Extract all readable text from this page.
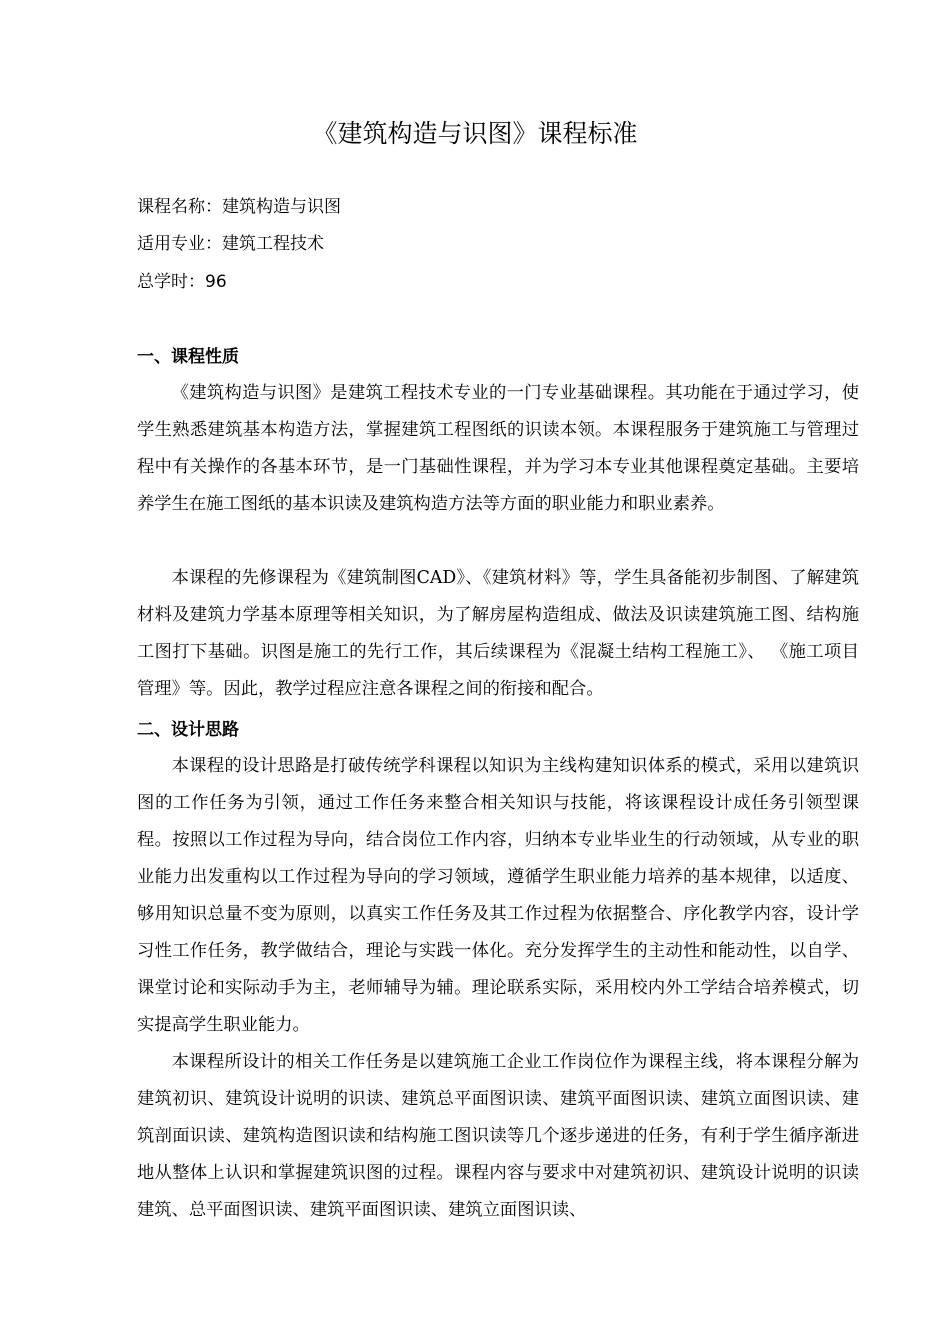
《建筑构造与识图》课程标准
课程名称：建筑构造与识图
适用专业：建筑工程技术
总学时：96
一、课程性质

《建筑构造与识图》是建筑工程技术专业的一门专业基础课程。其功能在于通过学习，使学生熟悉建筑基本构造方法，掌握建筑工程图纸的识读本领。本课程服务于建筑施工与管理过程中有关操作的各基本环节，是一门基础性课程，并为学习本专业其他课程奠定基础。主要培养学生在施工图纸的基本识读及建筑构造方法等方面的职业能力和职业素养。

本课程的先修课程为《建筑制图CAD》、《建筑材料》等，学生具备能初步制图、了解建筑材料及建筑力学基本原理等相关知识，为了解房屋构造组成、做法及识读建筑施工图、结构施工图打下基础。识图是施工的先行工作，其后续课程为《混凝土结构工程施工》、 《施工项目管理》等。因此，教学过程应注意各课程之间的衔接和配合。

二、设计思路

本课程的设计思路是打破传统学科课程以知识为主线构建知识体系的模式，采用以建筑识图的工作任务为引领，通过工作任务来整合相关知识与技能，将该课程设计成任务引领型课程。按照以工作过程为导向，结合岗位工作内容，归纳本专业毕业生的行动领域，从专业的职业能力出发重构以工作过程为导向的学习领域，遵循学生职业能力培养的基本规律，以适度、够用知识总量不变为原则，以真实工作任务及其工作过程为依据整合、序化教学内容，设计学习性工作任务，教学做结合，理论与实践一体化。充分发挥学生的主动性和能动性，以自学、课堂讨论和实际动手为主，老师辅导为辅。理论联系实际，采用校内外工学结合培养模式，切实提高学生职业能力。

本课程所设计的相关工作任务是以建筑施工企业工作岗位作为课程主线，将本课程分解为建筑初识、建筑设计说明的识读、建筑总平面图识读、建筑平面图识读、建筑立面图识读、建筑剖面识读、建筑构造图识读和结构施工图识读等几个逐步递进的任务，有利于学生循序渐进地从整体上认识和掌握建筑识图的过程。课程内容与要求中对建筑初识、建筑设计说明的识读建筑、总平面图识读、建筑平面图识读、建筑立面图识读、
